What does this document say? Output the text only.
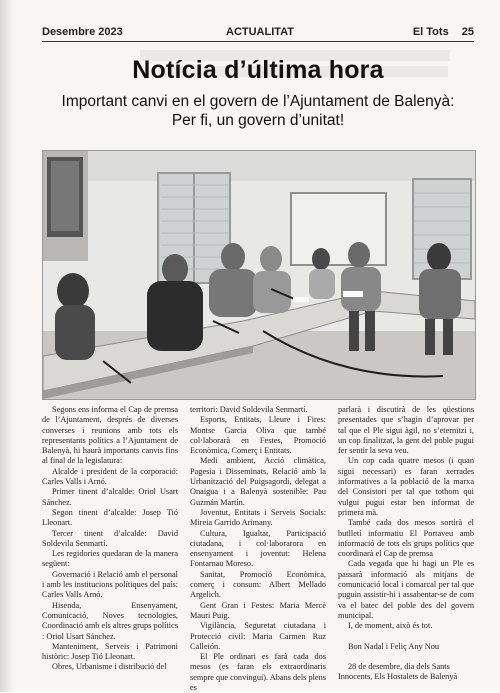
Desembre 2023	ACTUALITAT	El Tots 25
Notícia d’última hora
Important canvi en el govern de l’Ajuntament de Balenyà:
Per fi, un govern d’unitat!

Segons ens informa el Cap de premsa de l’Ajuntament, després de diverses converses i reunions amb tots els representants polítics a l’Ajuntament de Balenyà, hi haurà importants canvis fins al final de la legislatura:

Alcalde i president de la corporació: Carles Valls i Arnó.

Primer tinent d’alcalde: Oriol Usart Sánchez.

Segon tinent d’alcalde: Josep Tió Lleonart.

Tercer tinent d’alcalde: David Soldevila Senmartí.

Les regidories quedaran de la manera següent:

Governació i Relació amb el personal i amb les institucions polítiques del país: Carles Valls Arnó.

Hisenda, Ensenyament, Comunicació, Noves tecnologies, Coordinació amb els altres grups polítics : Oriol Usart Sánchez.

Manteniment, Serveis i Patrimoni històric: Josep Tió Lleonart.

Obres, Urbanisme i distribució del

territori: David Soldevila Senmartí.

Esports, Entitats, Lleure i Fires: Montse Garcia Oliva que també col·laborarà en Festes, Promoció Econòmica, Comerç i Entitats.

Medi ambient, Acció climàtica, Pagesia i Disseminats, Relació amb la Urbanització del Puigsagordi, delegat a Onaigua i a Balenyà sostenible: Pau Guzmán Martín.

Joventut, Entitats i Serveis Socials: Mireia Garrido Arimany.

Cultura, Igualtat, Participació ciutadana, i col·laborarora en ensenyament i joventut: Helena Fontarnau Moreso.

Sanitat, Promoció Econòmica, comerç i consum: Albert Mellado Argelich.

Gent Gran i Festes: Maria Mercè Mauri Puig.

Vigilància, Seguretat ciutadana i Protecció civil: Maria Carmen Ruz Calleión.

El Ple ordinari es farà cada dos mesos (es faran els extraordinaris sempre que convingui). Abans dels plens es

parlarà i discutirà de les qüestions presentades que s’hagin d’aprovar per tal que el Ple sigui àgil, no s’eternitzi i, un cop finalitzat, la gent del poble pugui fer sentir la seva veu.

Un cop cada quatre mesos (i quan sigui necessari) es faran xerrades informatives a la població de la marxa del Consistori per tal que tothom qui vulgui pugui estar ben informat de primera mà.

També cada dos mesos sortirà el butlletí informatiu El Portaveu amb informació de tots els grups polítics que coordinarà el Cap de premsa

Cada vegada que hi hagi un Ple es passarà informació als mitjans de comunicació local i comarcal per tal que puguin assistir-hi i assabentar-se de com va el batec del poble des del govern municipal.

I, de moment, això és tot.

Bon Nadal i Feliç Any Nou

28 de desembre, dia dels Sants

Innocents, Els Hostalets de Balenyà
